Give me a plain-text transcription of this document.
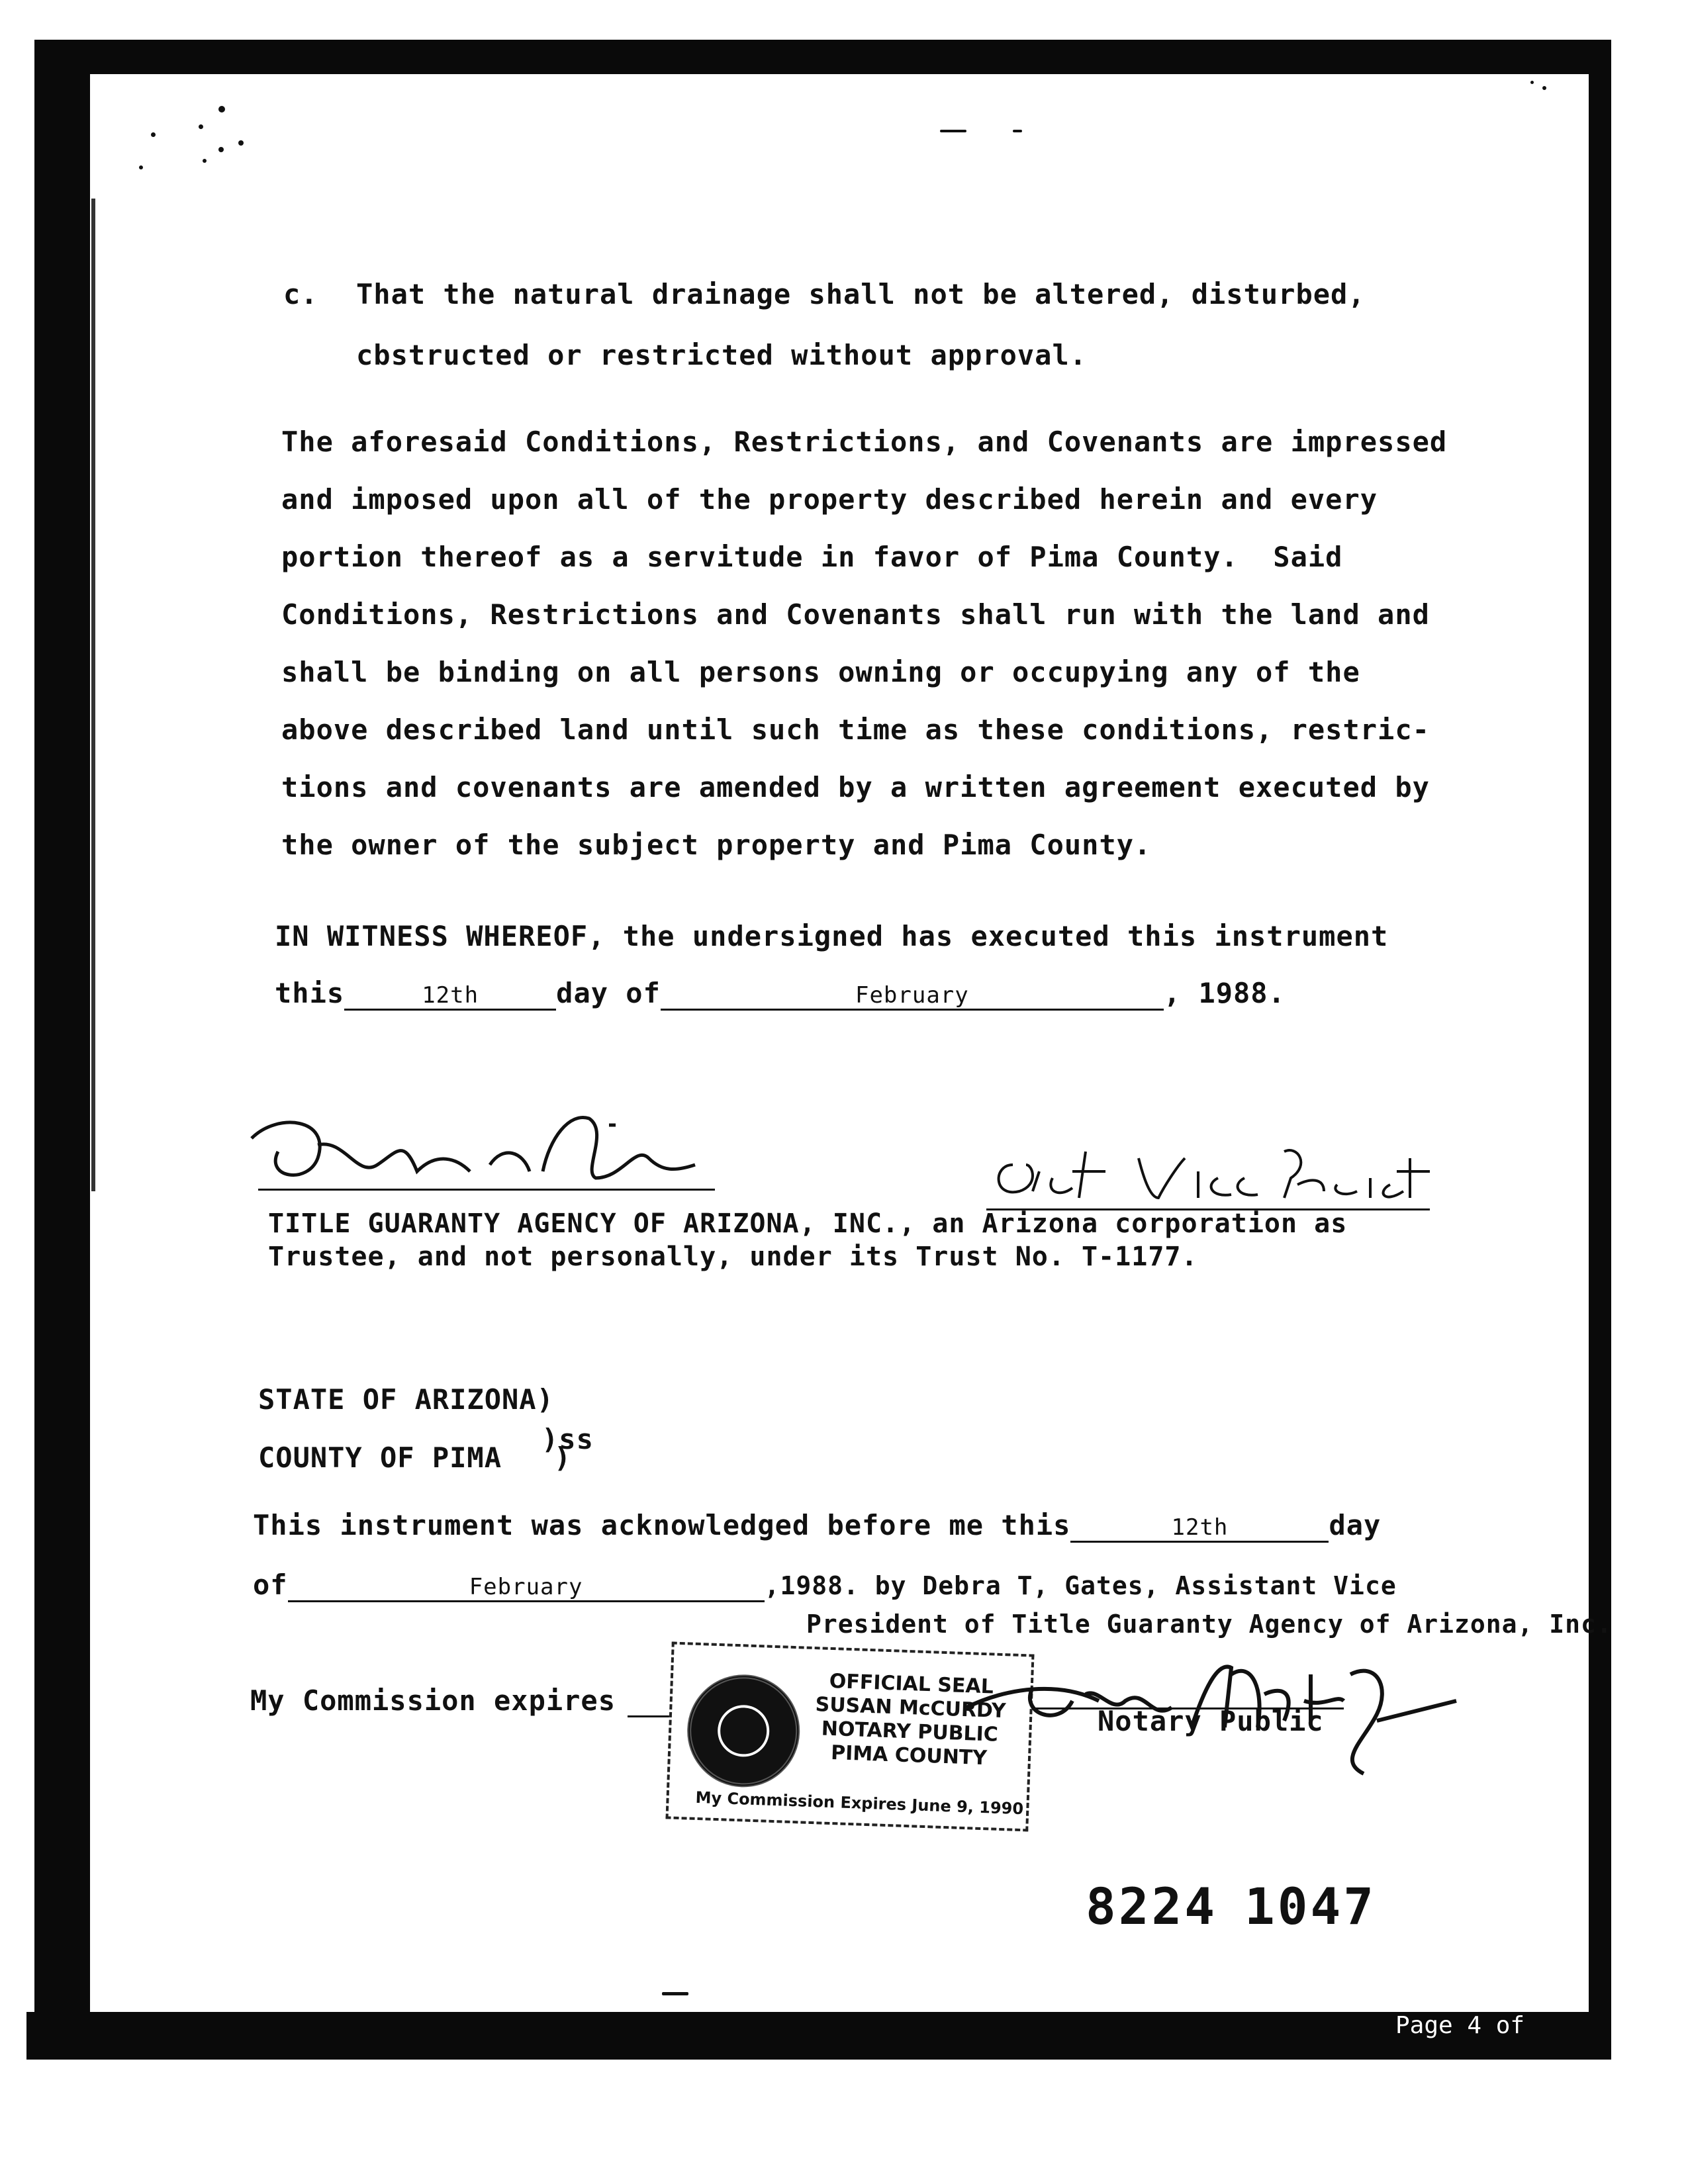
c. That the natural drainage shall not be altered, disturbed,
cbstructed or restricted without approval.
The aforesaid Conditions, Restrictions, and Covenants are impressed
and imposed upon all of the property described herein and every
portion thereof as a servitude in favor of Pima County.  Said
Conditions, Restrictions and Covenants shall run with the land and
shall be binding on all persons owning or occupying any of the
above described land until such time as these conditions, restric-
tions and covenants are amended by a written agreement executed by
the owner of the subject property and Pima County.
IN WITNESS WHEREOF, the undersigned has executed this instrument
this	12th	day of	February	, 1988.
TITLE GUARANTY AGENCY OF ARIZONA, INC., an Arizona corporation as
Trustee, and not personally, under its Trust No. T-1177.
STATE OF ARIZONA)
)ss
COUNTY OF PIMA   )
This instrument was acknowledged before me this	12th	day
of	February	,1988. by Debra T, Gates, Assistant Vice
President of Title Guaranty Agency of Arizona, Inc.
My Commission expires
Notary Public
OFFICIAL SEAL
SUSAN McCURDY
NOTARY PUBLIC
PIMA COUNTY
My Commission Expires June 9, 1990
8224 1047
Page 4 of
